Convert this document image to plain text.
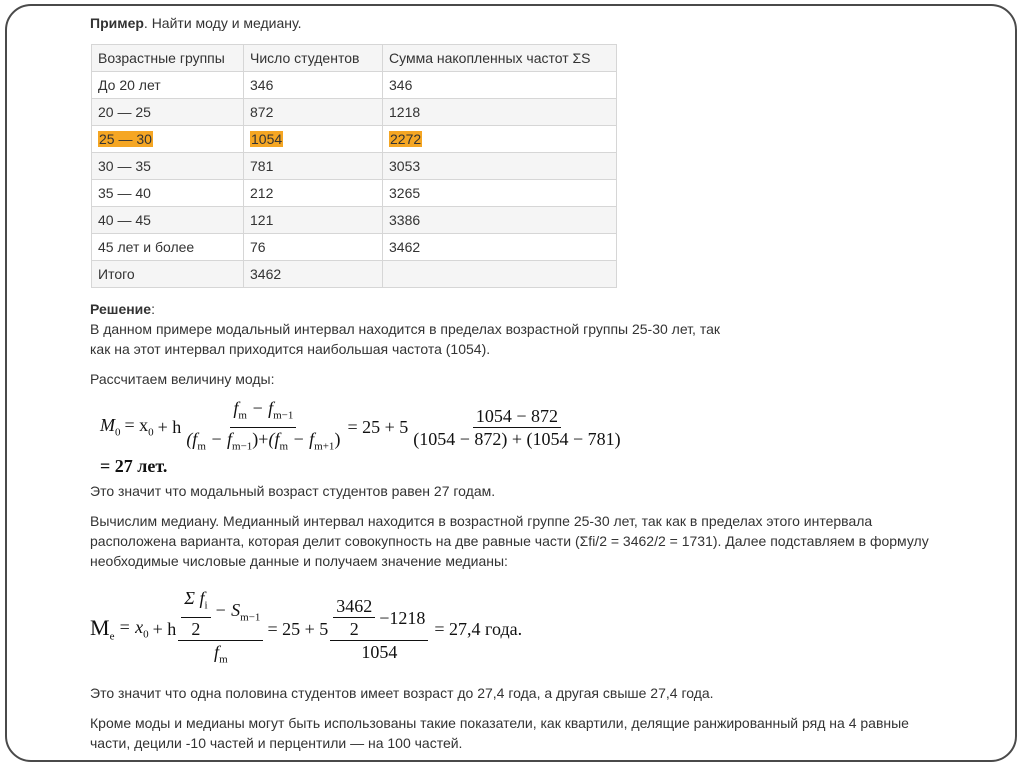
Пример. Найти моду и медиану.
Возрастные группы	Число студентов	Сумма накопленных частот ΣS
До 20 лет	346	346
20 — 25	872	1218
25 — 30	1054	2272
30 — 35	781	3053
35 — 40	212	3265
40 — 45	121	3386
45 лет и более	76	3462
Итого	3462	

Решение:

В данном примере модальный интервал находится в пределах возрастной группы 25-30 лет, так как на этот интервал приходится наибольшая частота (1054).

Рассчитаем величину моды:

$M_0 = x_0 + h \frac{f_m - f_{m-1}}{(f_m - f_{m-1})+(f_m - f_{m+1})} = 25 + 5 \frac{1054 - 872}{(1054 - 872) + (1054 - 781)}$
= 27 лет.

Это значит что модальный возраст студентов равен 27 годам.

Вычислим медиану. Медианный интервал находится в возрастной группе 25-30 лет, так как в пределах этого интервала расположена варианта, которая делит совокупность на две равные части (Σfi/2 = 3462/2 = 1731). Далее подставляем в формулу необходимые числовые данные и получаем значение медианы:

$M_e = x_0 + h \frac{\frac{\Sigma f_i}{2} - S_{m-1}}{f_m} = 25 + 5 \frac{\frac{3462}{2} -1218}{1054} = 27,4$ года.

Это значит что одна половина студентов имеет возраст до 27,4 года, а другая свыше 27,4 года.

Кроме моды и медианы могут быть использованы такие показатели, как квартили, делящие ранжированный ряд на 4 равные части, децили -10 частей и перцентили — на 100 частей.
